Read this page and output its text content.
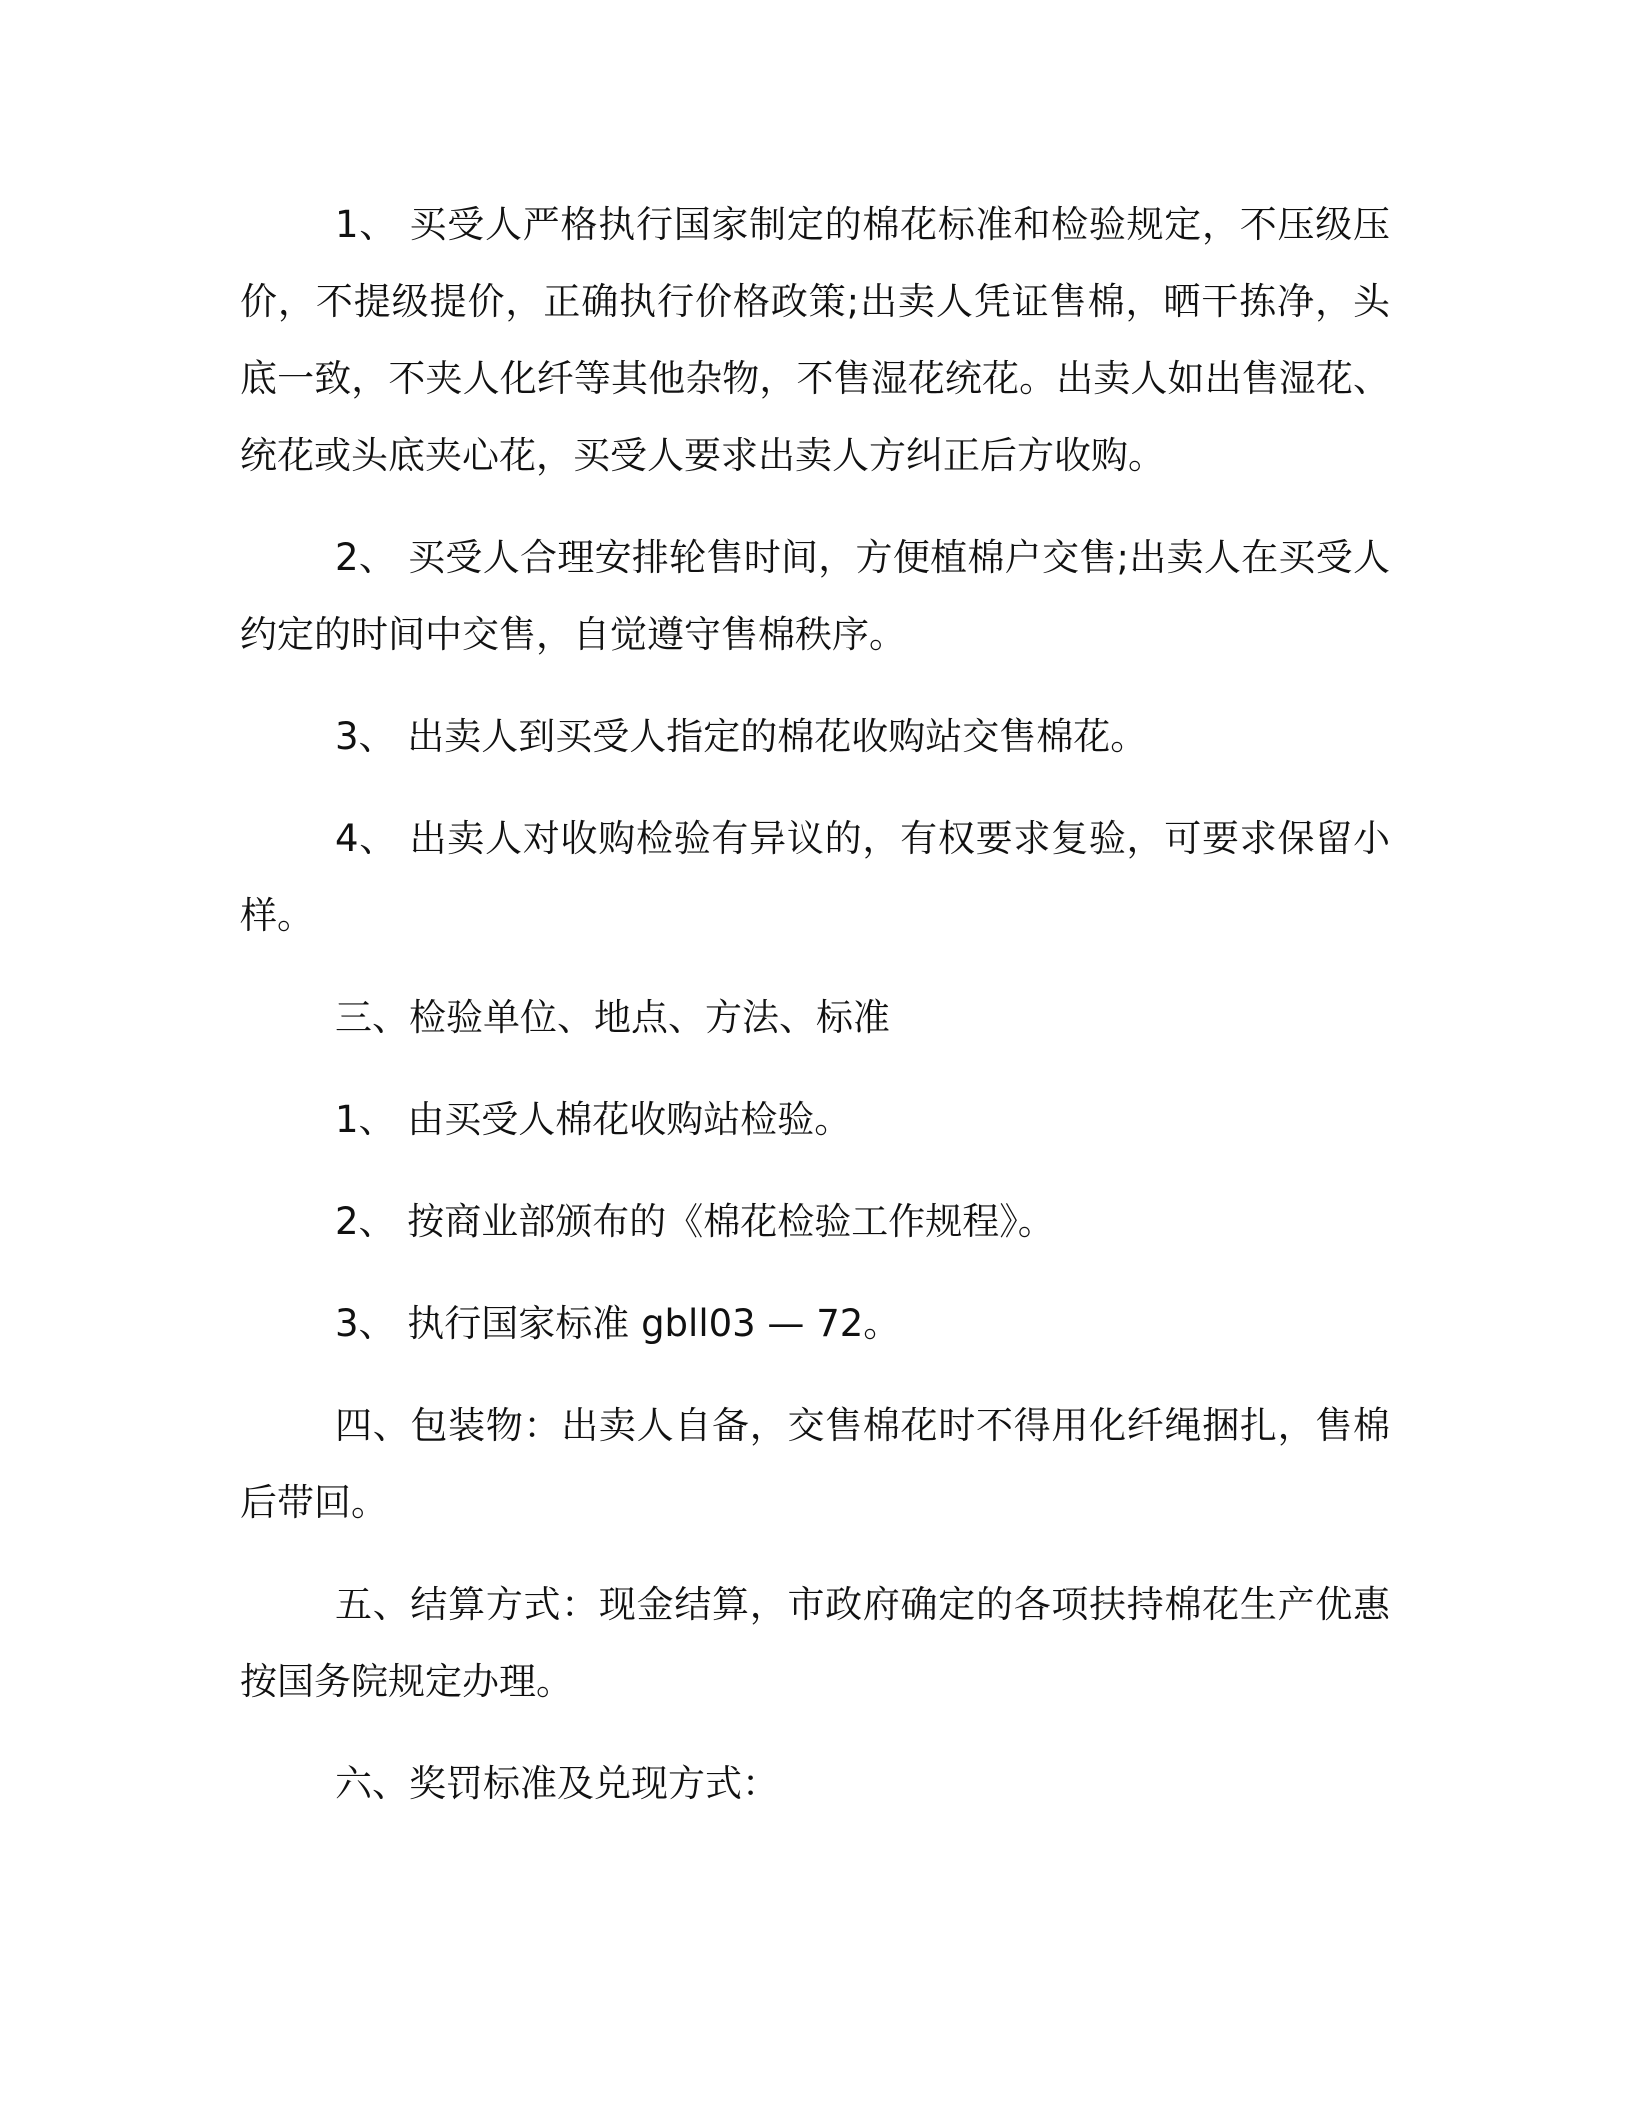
1、 买受人严格执行国家制定的棉花标准和检验规定，不压级压价，不提级提价，正确执行价格政策;出卖人凭证售棉，晒干拣净，头底一致，不夹人化纤等其他杂物，不售湿花统花。出卖人如出售湿花、统花或头底夹心花，买受人要求出卖人方纠正后方收购。

2、 买受人合理安排轮售时间，方便植棉户交售;出卖人在买受人约定的时间中交售，自觉遵守售棉秩序。

3、 出卖人到买受人指定的棉花收购站交售棉花。

4、 出卖人对收购检验有异议的，有权要求复验，可要求保留小样。

三、检验单位、地点、方法、标准

1、 由买受人棉花收购站检验。

2、 按商业部颁布的《棉花检验工作规程》。

3、 执行国家标准 gbll03 — 72。

四、包装物：出卖人自备，交售棉花时不得用化纤绳捆扎，售棉后带回。

五、结算方式：现金结算，市政府确定的各项扶持棉花生产优惠按国务院规定办理。

六、奖罚标准及兑现方式：
